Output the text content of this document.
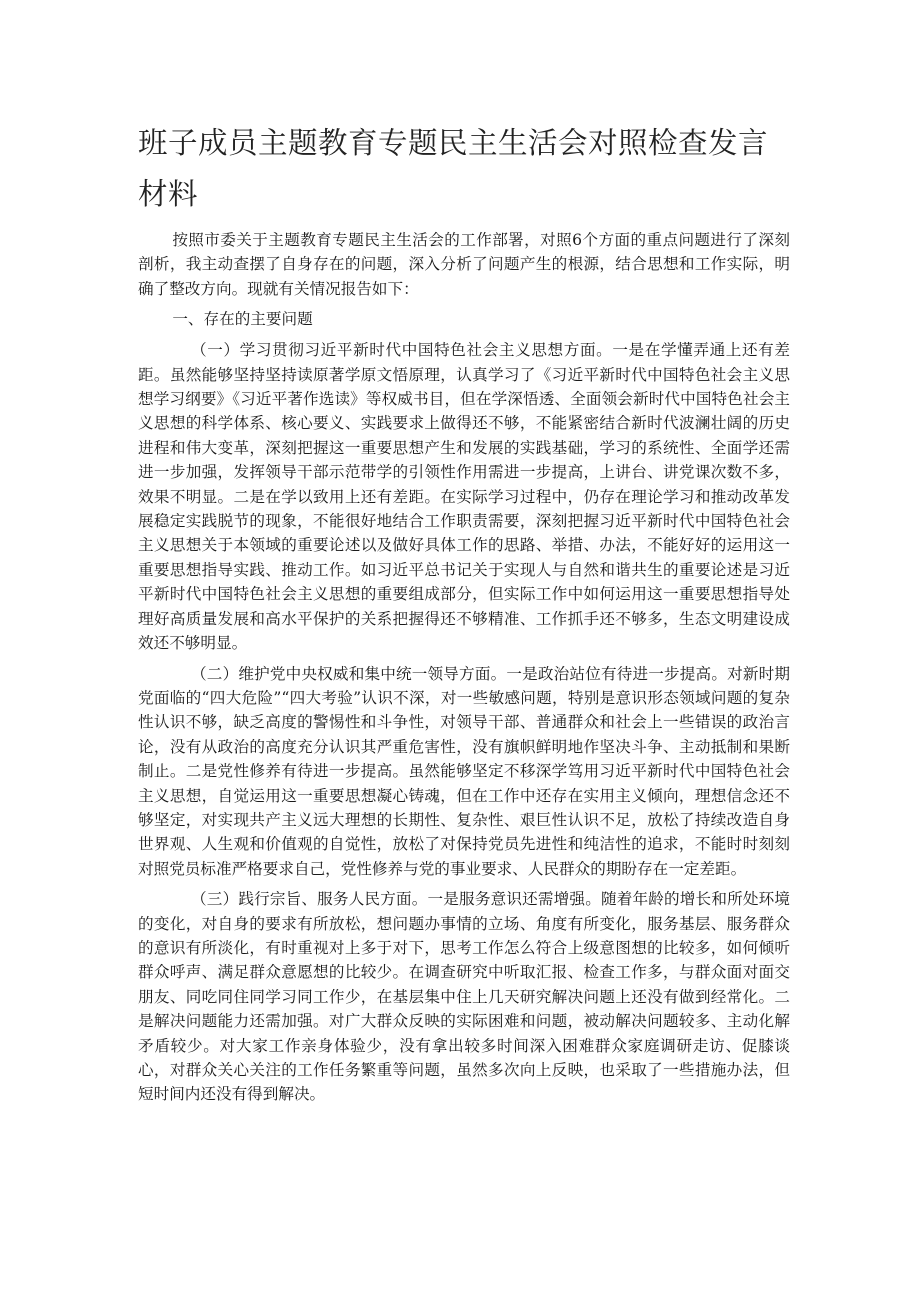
班子成员主题教育专题民主生活会对照检查发言材料

按照市委关于主题教育专题民主生活会的工作部署，对照6个方面的重点问题进行了深刻剖析，我主动查摆了自身存在的问题，深入分析了问题产生的根源，结合思想和工作实际，明确了整改方向。现就有关情况报告如下：

一、存在的主要问题

（一）学习贯彻习近平新时代中国特色社会主义思想方面。一是在学懂弄通上还有差距。虽然能够坚持坚持读原著学原文悟原理，认真学习了《习近平新时代中国特色社会主义思想学习纲要》《习近平著作选读》等权威书目，但在学深悟透、全面领会新时代中国特色社会主义思想的科学体系、核心要义、实践要求上做得还不够，不能紧密结合新时代波澜壮阔的历史进程和伟大变革，深刻把握这一重要思想产生和发展的实践基础，学习的系统性、全面学还需进一步加强，发挥领导干部示范带学的引领性作用需进一步提高，上讲台、讲党课次数不多，效果不明显。二是在学以致用上还有差距。在实际学习过程中，仍存在理论学习和推动改革发展稳定实践脱节的现象，不能很好地结合工作职责需要，深刻把握习近平新时代中国特色社会主义思想关于本领域的重要论述以及做好具体工作的思路、举措、办法，不能好好的运用这一重要思想指导实践、推动工作。如习近平总书记关于实现人与自然和谐共生的重要论述是习近平新时代中国特色社会主义思想的重要组成部分，但实际工作中如何运用这一重要思想指导处理好高质量发展和高水平保护的关系把握得还不够精准、工作抓手还不够多，生态文明建设成效还不够明显。

（二）维护党中央权威和集中统一领导方面。一是政治站位有待进一步提高。对新时期党面临的“四大危险”“四大考验”认识不深，对一些敏感问题，特别是意识形态领域问题的复杂性认识不够，缺乏高度的警惕性和斗争性，对领导干部、普通群众和社会上一些错误的政治言论，没有从政治的高度充分认识其严重危害性，没有旗帜鲜明地作坚决斗争、主动抵制和果断制止。二是党性修养有待进一步提高。虽然能够坚定不移深学笃用习近平新时代中国特色社会主义思想，自觉运用这一重要思想凝心铸魂，但在工作中还存在实用主义倾向，理想信念还不够坚定，对实现共产主义远大理想的长期性、复杂性、艰巨性认识不足，放松了持续改造自身世界观、人生观和价值观的自觉性，放松了对保持党员先进性和纯洁性的追求，不能时时刻刻对照党员标准严格要求自己，党性修养与党的事业要求、人民群众的期盼存在一定差距。

（三）践行宗旨、服务人民方面。一是服务意识还需增强。随着年龄的增长和所处环境的变化，对自身的要求有所放松，想问题办事情的立场、角度有所变化，服务基层、服务群众的意识有所淡化，有时重视对上多于对下，思考工作怎么符合上级意图想的比较多，如何倾听群众呼声、满足群众意愿想的比较少。在调查研究中听取汇报、检查工作多，与群众面对面交朋友、同吃同住同学习同工作少，在基层集中住上几天研究解决问题上还没有做到经常化。二是解决问题能力还需加强。对广大群众反映的实际困难和问题，被动解决问题较多、主动化解矛盾较少。对大家工作亲身体验少，没有拿出较多时间深入困难群众家庭调研走访、促膝谈心，对群众关心关注的工作任务繁重等问题，虽然多次向上反映，也采取了一些措施办法，但短时间内还没有得到解决。
